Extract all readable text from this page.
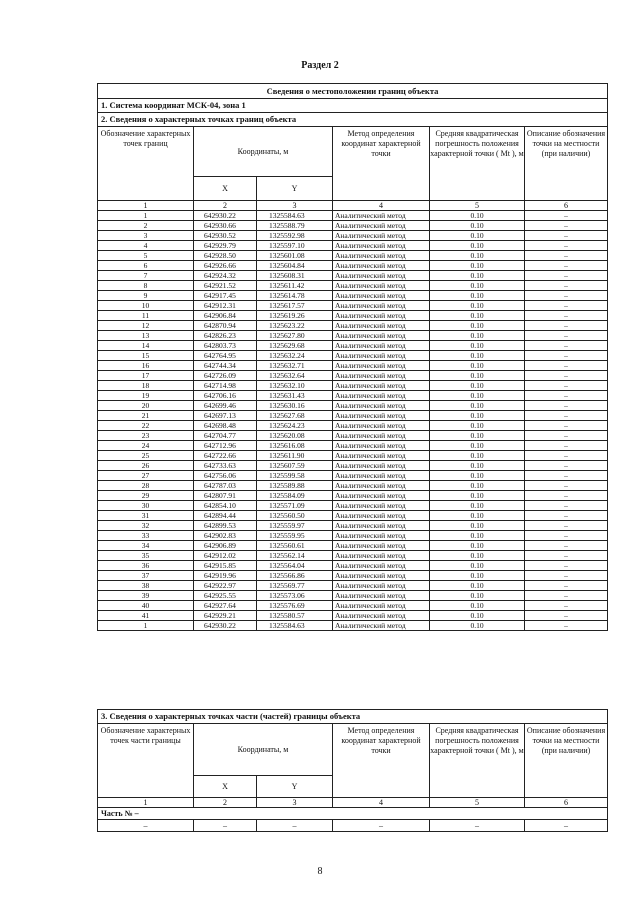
Раздел 2
Сведения о местоположении границ объекта					
1. Система координат МСК-04, зона 1					
2. Сведения о характерных точках границ объекта					
Обозначение характерных точек границ	Координаты, м		Метод определения координат характерной точки	Средняя квадратическая погрешность положения характерной точки ( Mt ), м	Описание обозначения точки на местности (при наличии)
	X	Y			
1	2	3	4	5	6
1	642930.22	1325584.63	Аналитический метод	0.10	–
2	642930.66	1325588.79	Аналитический метод	0.10	–
3	642930.52	1325592.98	Аналитический метод	0.10	–
4	642929.79	1325597.10	Аналитический метод	0.10	–
5	642928.50	1325601.08	Аналитический метод	0.10	–
6	642926.66	1325604.84	Аналитический метод	0.10	–
7	642924.32	1325608.31	Аналитический метод	0.10	–
8	642921.52	1325611.42	Аналитический метод	0.10	–
9	642917.45	1325614.78	Аналитический метод	0.10	–
10	642912.31	1325617.57	Аналитический метод	0.10	–
11	642906.84	1325619.26	Аналитический метод	0.10	–
12	642870.94	1325623.22	Аналитический метод	0.10	–
13	642826.23	1325627.80	Аналитический метод	0.10	–
14	642803.73	1325629.68	Аналитический метод	0.10	–
15	642764.95	1325632.24	Аналитический метод	0.10	–
16	642744.34	1325632.71	Аналитический метод	0.10	–
17	642726.09	1325632.64	Аналитический метод	0.10	–
18	642714.98	1325632.10	Аналитический метод	0.10	–
19	642706.16	1325631.43	Аналитический метод	0.10	–
20	642699.46	1325630.16	Аналитический метод	0.10	–
21	642697.13	1325627.68	Аналитический метод	0.10	–
22	642698.48	1325624.23	Аналитический метод	0.10	–
23	642704.77	1325620.08	Аналитический метод	0.10	–
24	642712.96	1325616.08	Аналитический метод	0.10	–
25	642722.66	1325611.90	Аналитический метод	0.10	–
26	642733.63	1325607.59	Аналитический метод	0.10	–
27	642756.06	1325599.58	Аналитический метод	0.10	–
28	642787.03	1325589.88	Аналитический метод	0.10	–
29	642807.91	1325584.09	Аналитический метод	0.10	–
30	642854.10	1325571.09	Аналитический метод	0.10	–
31	642894.44	1325560.50	Аналитический метод	0.10	–
32	642899.53	1325559.97	Аналитический метод	0.10	–
33	642902.83	1325559.95	Аналитический метод	0.10	–
34	642906.89	1325560.61	Аналитический метод	0.10	–
35	642912.02	1325562.14	Аналитический метод	0.10	–
36	642915.85	1325564.04	Аналитический метод	0.10	–
37	642919.96	1325566.86	Аналитический метод	0.10	–
38	642922.97	1325569.77	Аналитический метод	0.10	–
39	642925.55	1325573.06	Аналитический метод	0.10	–
40	642927.64	1325576.69	Аналитический метод	0.10	–
41	642929.21	1325580.57	Аналитический метод	0.10	–
1	642930.22	1325584.63	Аналитический метод	0.10	–
3. Сведения о характерных точках части (частей) границы объекта					
Обозначение характерных точек части границы	Координаты, м		Метод определения координат характерной точки	Средняя квадратическая погрешность положения характерной точки ( Mt ), м	Описание обозначения точки на местности (при наличии)
	X	Y			
1	2	3	4	5	6
Часть № –					
–	–	–	–	–	–
8
